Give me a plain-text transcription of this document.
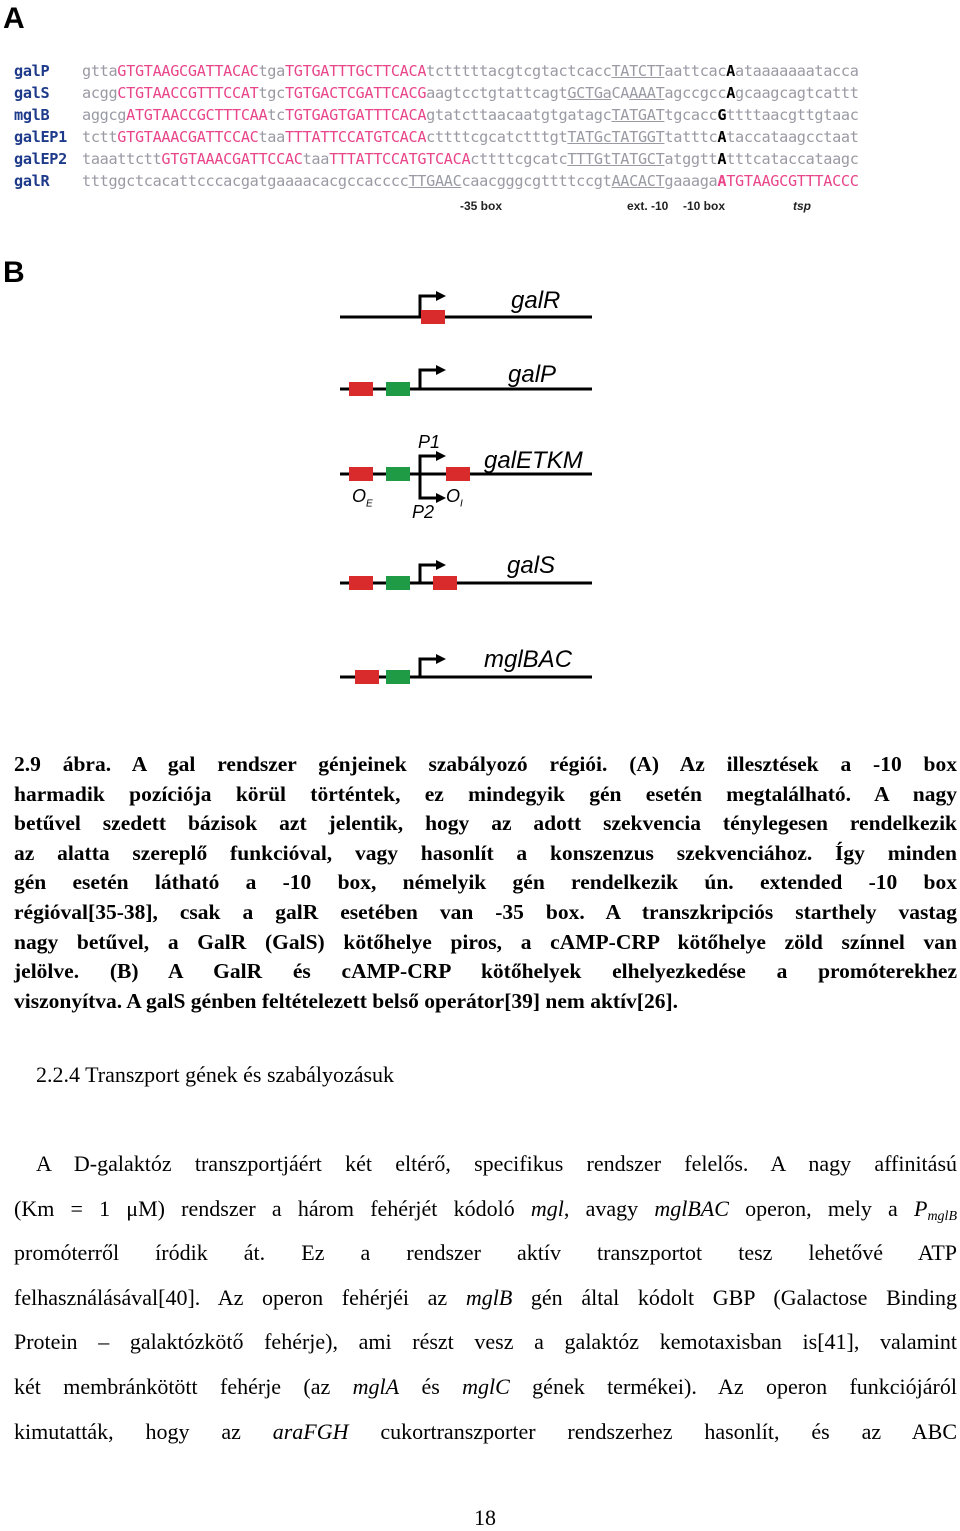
A
galP gttaGTGTAAGCGATTACACtgaTGTGATTTGCTTCACAtctttttacgtcgtactcaccTATCTTaattcacAataaaaaaatacca
galS acggCTGTAACCGTTTCCATtgcTGTGACTCGATTCACGaagtcctgtattcagtGCTGaCAAAATagccgccAgcaagcagtcattt
mglB aggcgATGTAACCGCTTTCAAtcTGTGAGTGATTTCACAgtatcttaacaatgtgatagcTATGATtgcaccGttttaacgttgtaac
galEP1 tcttGTGTAAACGATTCCACtaaTTTATTCCATGTCACActtttcgcatctttgtTATGcTATGGTtatttcAtaccataagcctaat
galEP2 taaattcttGTGTAAACGATTCCACtaaTTTATTCCATGTCACActtttcgcatcTTTGtTATGCTatggttAtttcataccataagc
galR tttggctcacattcccacgatgaaaacacgccaccccTTGAACcaacgggcgttttccgtAACACTgaaagaATGTAAGCGTTTACCC
-35 box	ext. -10 -10 box	tsp
B
galR
galP
galETKM
galS
mglBAC
P1
P2
$O_E$	$O_I$
2.9 ábra. A gal rendszer génjeinek szabályozó régiói. (A) Az illesztések a -10 box
harmadik pozíciója körül történtek, ez mindegyik gén esetén megtalálható. A nagy
betűvel szedett bázisok azt jelentik, hogy az adott szekvencia ténylegesen rendelkezik
az alatta szereplő funkcióval, vagy hasonlít a konszenzus szekvenciához. Így minden
gén esetén látható a -10 box, némelyik gén rendelkezik ún. extended -10 box
régióval[35-38], csak a galR esetében van -35 box. A transzkripciós starthely vastag
nagy betűvel, a GalR (GalS) kötőhelye piros, a cAMP-CRP kötőhelye zöld színnel van
jelölve. (B) A GalR és cAMP-CRP kötőhelyek elhelyezkedése a promóterekhez
viszonyítva. A galS génben feltételezett belső operátor[39] nem aktív[26].
2.2.4 Transzport gének és szabályozásuk
A D-galaktóz transzportjáért két eltérő, specifikus rendszer felelős. A nagy affinitású
(Km = 1 μM) rendszer a három fehérjét kódoló mgl, avagy mglBAC operon, mely a $P_{mglB}$
promóterről íródik át. Ez a rendszer aktív transzportot tesz lehetővé ATP
felhasználásával[40]. Az operon fehérjéi az mglB gén által kódolt GBP (Galactose Binding
Protein – galaktózkötő fehérje), ami részt vesz a galaktóz kemotaxisban is[41], valamint
két membránkötött fehérje (az mglA és mglC gének termékei). Az operon funkciójáról
kimutatták, hogy az araFGH cukortranszporter rendszerhez hasonlít, és az ABC
18
